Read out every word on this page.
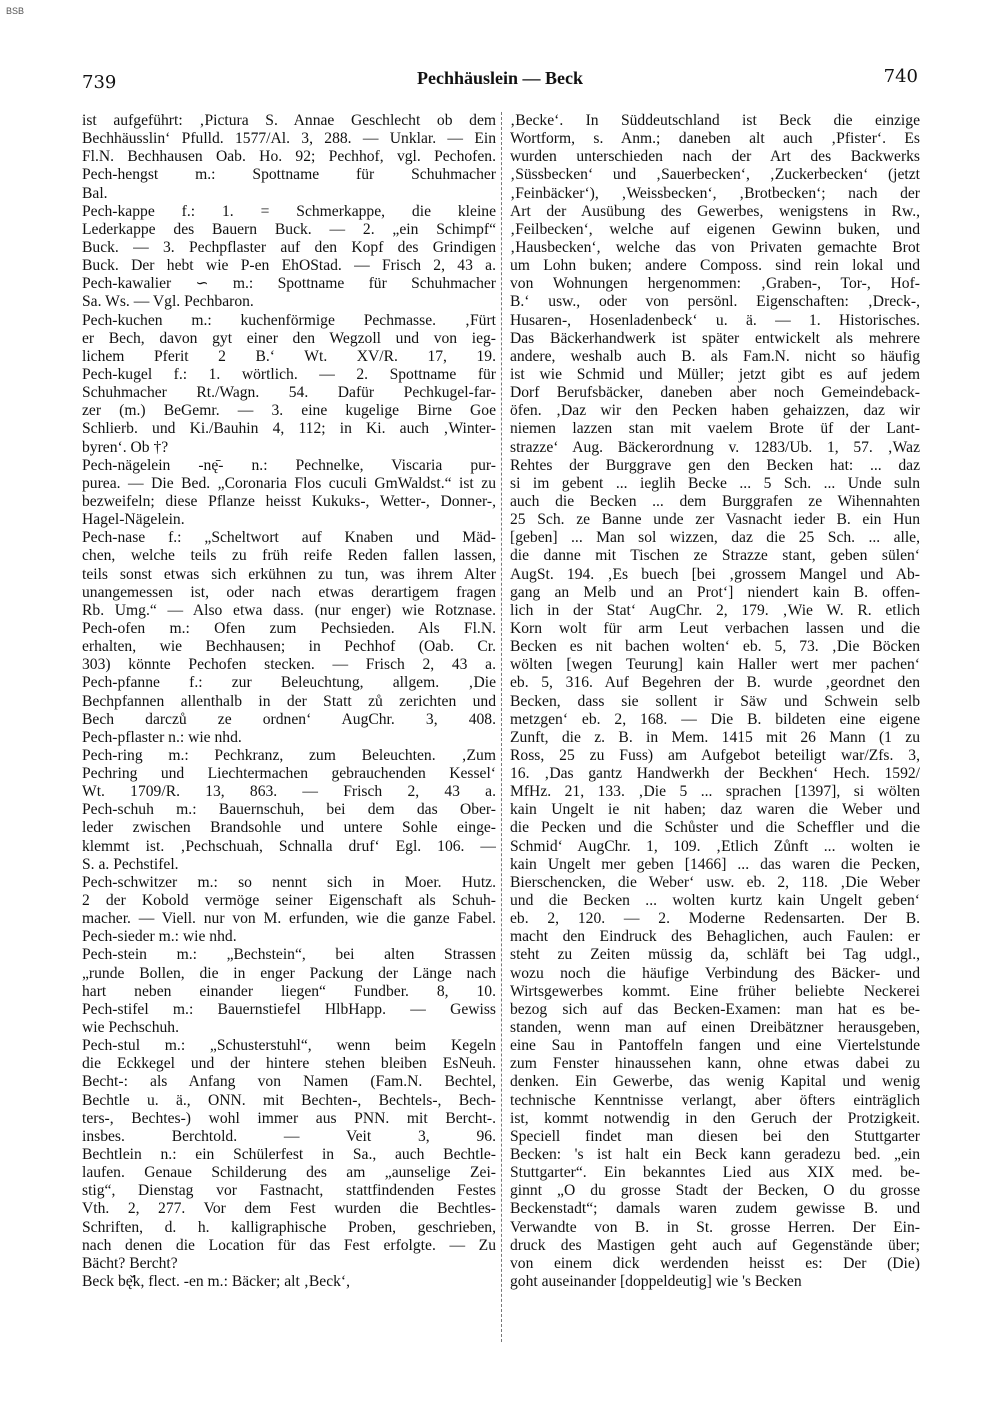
BSB
739	Pechhäuslein — Beck	740
ist aufgeführt: ‚Pictura S. Annae Geschlecht ob dem
Bechhäusslin‘ Pfulld. 1577/Al. 3, 288. — Unklar. — Ein
Fl.N. Bechhausen Oab. Ho. 92; Pechhof, vgl. Pechofen.
Pech-hengst m.: Spottname für Schuhmacher
Bal.
Pech-kappe f.: 1. = Schmerkappe, die kleine
Lederkappe des Bauern Buck. — 2. „ein Schimpf“
Buck. — 3. Pechpflaster auf den Kopf des Grindigen
Buck. Der hebt wie P-en EhOStad. — Frisch 2, 43 a.
Pech-kawalier ∽ m.: Spottname für Schuhmacher
Sa. Ws. — Vgl. Pechbaron.
Pech-kuchen m.: kuchenförmige Pechmasse. ‚Fürt
er Bech, davon gyt einer den Wegzoll und von ieg-
lichem Pferit 2 B.‘ Wt. XV/R. 17, 19.
Pech-kugel f.: 1. wörtlich. — 2. Spottname für
Schuhmacher Rt./Wagn. 54. Dafür Pechkugel-far-
zer (m.) BeGemr. — 3. eine kugelige Birne Goe
Schlierb. und Ki./Bauhin 4, 112; in Ki. auch ‚Winter-
byren‘. Ob †?
Pech-nägelein -nę̄- n.: Pechnelke, Viscaria pur-
purea. — Die Bed. „Coronaria Flos cuculi GmWaldst.“ ist zu
bezweifeln; diese Pflanze heisst Kukuks-, Wetter-, Donner-,
Hagel-Nägelein.
Pech-nase f.: „Scheltwort auf Knaben und Mäd-
chen, welche teils zu früh reife Reden fallen lassen,
teils sonst etwas sich erkühnen zu tun, was ihrem Alter
unangemessen ist, oder nach etwas derartigem fragen
Rb. Umg.“ — Also etwa dass. (nur enger) wie Rotznase.
Pech-ofen m.: Ofen zum Pechsieden. Als Fl.N.
erhalten, wie Bechhausen; in Pechhof (Oab. Cr.
303) könnte Pechofen stecken. — Frisch 2, 43 a.
Pech-pfanne f.: zur Beleuchtung, allgem. ‚Die
Bechpfannen allenthalb in der Statt zů zerichten und
Bech darczů ze ordnen‘ AugChr. 3, 408.
Pech-pflaster n.: wie nhd.
Pech-ring m.: Pechkranz, zum Beleuchten. ‚Zum
Pechring und Liechtermachen gebrauchenden Kessel‘
Wt. 1709/R. 13, 863. — Frisch 2, 43 a.
Pech-schuh m.: Bauernschuh, bei dem das Ober-
leder zwischen Brandsohle und untere Sohle einge-
klemmt ist. ‚Pechschuah, Schnalla druf‘ Egl. 106. —
S. a. Pechstifel.
Pech-schwitzer m.: so nennt sich in Moer. Hutz.
2 der Kobold vermöge seiner Eigenschaft als Schuh-
macher. — Viell. nur von M. erfunden, wie die ganze Fabel.
Pech-sieder m.: wie nhd.
Pech-stein m.: „Bechstein“, bei alten Strassen
„runde Bollen, die in enger Packung der Länge nach
hart neben einander liegen“ Fundber. 8, 10.
Pech-stifel m.: Bauernstiefel HlbHapp. — Gewiss
wie Pechschuh.
Pech-stul m.: „Schusterstuhl“, wenn beim Kegeln
die Eckkegel und der hintere stehen bleiben EsNeuh.
Becht-: als Anfang von Namen (Fam.N. Bechtel,
Bechtle u. ä., ONN. mit Bechten-, Bechtels-, Bech-
ters-, Bechtes-) wohl immer aus PNN. mit Bercht-.
insbes. Berchtold. — Veit 3, 96.
Bechtlein n.: ein Schülerfest in Sa., auch Bechtle-
laufen. Genaue Schilderung des am „aunselige Zei-
stig“, Dienstag vor Fastnacht, stattfindenden Festes
Vth. 2, 277. Vor dem Fest wurden die Bechtles-
Schriften, d. h. kalligraphische Proben, geschrieben,
nach denen die Location für das Fest erfolgte. — Zu
Bächt? Bercht?
Beck bę̌k, flect. -en m.: Bäcker; alt ‚Beck‘,
‚Becke‘. In Süddeutschland ist Beck die einzige
Wortform, s. Anm.; daneben alt auch ‚Pfister‘. Es
wurden unterschieden nach der Art des Backwerks
‚Süssbecken‘ und ‚Sauerbecken‘, ‚Zuckerbecken‘ (jetzt
‚Feinbäcker‘), ‚Weissbecken‘, ‚Brotbecken‘; nach der
Art der Ausübung des Gewerbes, wenigstens in Rw.,
‚Feilbecken‘, welche auf eigenen Gewinn buken, und
‚Hausbecken‘, welche das von Privaten gemachte Brot
um Lohn buken; andere Composs. sind rein lokal und
von Wohnungen hergenommen: ‚Graben-, Tor-, Hof-
B.‘ usw., oder von persönl. Eigenschaften: ‚Dreck-,
Husaren-, Hosenladenbeck‘ u. ä. — 1. Historisches.
Das Bäckerhandwerk ist später entwickelt als mehrere
andere, weshalb auch B. als Fam.N. nicht so häufig
ist wie Schmid und Müller; jetzt gibt es auf jedem
Dorf Berufsbäcker, daneben aber noch Gemeindeback-
öfen. ‚Daz wir den Pecken haben gehaizzen, daz wir
niemen lazzen stan mit vaelem Brote üf der Lant-
strazze‘ Aug. Bäckerordnung v. 1283/Ub. 1, 57. ‚Waz
Rehtes der Burggrave gen den Becken hat: ... daz
si im gebent ... ieglih Becke ... 5 Sch. ... Unde suln
auch die Becken ... dem Burggrafen ze Wihennahten
25 Sch. ze Banne unde zer Vasnacht ieder B. ein Hun
[geben] ... Man sol wizzen, daz die 25 Sch. ... alle,
die danne mit Tischen ze Strazze stant, geben sülen‘
AugSt. 194. ‚Es buech [bei ‚grossem Mangel und Ab-
gang an Melb und an Prot‘] niendert kain B. offen-
lich in der Stat‘ AugChr. 2, 179. ‚Wie W. R. etlich
Korn wolt für arm Leut verbachen lassen und die
Becken es nit bachen wolten‘ eb. 5, 73. ‚Die Böcken
wölten [wegen Teurung] kain Haller wert mer pachen‘
eb. 5, 316. Auf Begehren der B. wurde ‚geordnet den
Becken, dass sie sollent ir Säw und Schwein selb
metzgen‘ eb. 2, 168. — Die B. bildeten eine eigene
Zunft, die z. B. in Mem. 1415 mit 26 Mann (1 zu
Ross, 25 zu Fuss) am Aufgebot beteiligt war/Zfs. 3,
16. ‚Das gantz Handwerkh der Beckhen‘ Hech. 1592/
MfHz. 21, 133. ‚Die 5 ... sprachen [1397], si wölten
kain Ungelt ie nit haben; daz waren die Weber und
die Pecken und die Schůster und die Scheffler und die
Schmid‘ AugChr. 1, 109. ‚Etlich Zůnft ... wolten ie
kain Ungelt mer geben [1466] ... das waren die Pecken,
Bierschencken, die Weber‘ usw. eb. 2, 118. ‚Die Weber
und die Becken ... wolten kurtz kain Ungelt geben‘
eb. 2, 120. — 2. Moderne Redensarten. Der B.
macht den Eindruck des Behaglichen, auch Faulen: er
steht zu Zeiten müssig da, schläft bei Tag udgl.,
wozu noch die häufige Verbindung des Bäcker- und
Wirtsgewerbes kommt. Eine früher beliebte Neckerei
bezog sich auf das Becken-Examen: man hat es be-
standen, wenn man auf einen Dreibätzner herausgeben,
eine Sau in Pantoffeln fangen und eine Viertelstunde
zum Fenster hinaussehen kann, ohne etwas dabei zu
denken. Ein Gewerbe, das wenig Kapital und wenig
technische Kenntnisse verlangt, aber öfters einträglich
ist, kommt notwendig in den Geruch der Protzigkeit.
Speciell findet man diesen bei den Stuttgarter
Becken: 's ist halt ein Beck kann geradezu bed. „ein
Stuttgarter“. Ein bekanntes Lied aus XIX med. be-
ginnt „O du grosse Stadt der Becken, O du grosse
Beckenstadt“; damals waren zudem gewisse B. und
Verwandte von B. in St. grosse Herren. Der Ein-
druck des Mastigen geht auch auf Gegenstände über;
von einem dick werdenden heisst es: Der (Die)
goht auseinander [doppeldeutig] wie 's Becken
